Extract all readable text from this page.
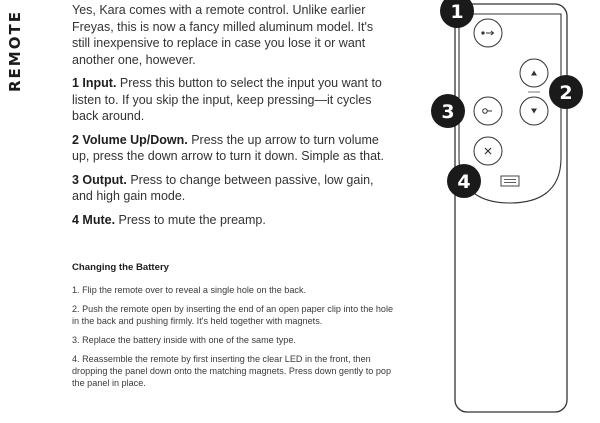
REMOTE

Yes, Kara comes with a remote control. Unlike earlier Freyas, this is now a fancy milled aluminum model. It's still inexpensive to replace in case you lose it or want another one, however.

1 Input. Press this button to select the input you want to listen to. If you skip the input, keep pressing—it cycles back around.

2 Volume Up/Down. Press the up arrow to turn volume up, press the down arrow to turn it down. Simple as that.

3 Output. Press to change between passive, low gain, and high gain mode.

4 Mute. Press to mute the preamp.

Changing the Battery

1. Flip the remote over to reveal a single hole on the back.

2. Push the remote open by inserting the end of an open paper clip into the hole in the back and pushing firmly. It's held together with magnets.

3. Replace the battery inside with one of the same type.

4. Reassemble the remote by first inserting the clear LED in the front, then dropping the panel down onto the matching magnets. Press down gently to pop the panel in place.

1
2
3
4
